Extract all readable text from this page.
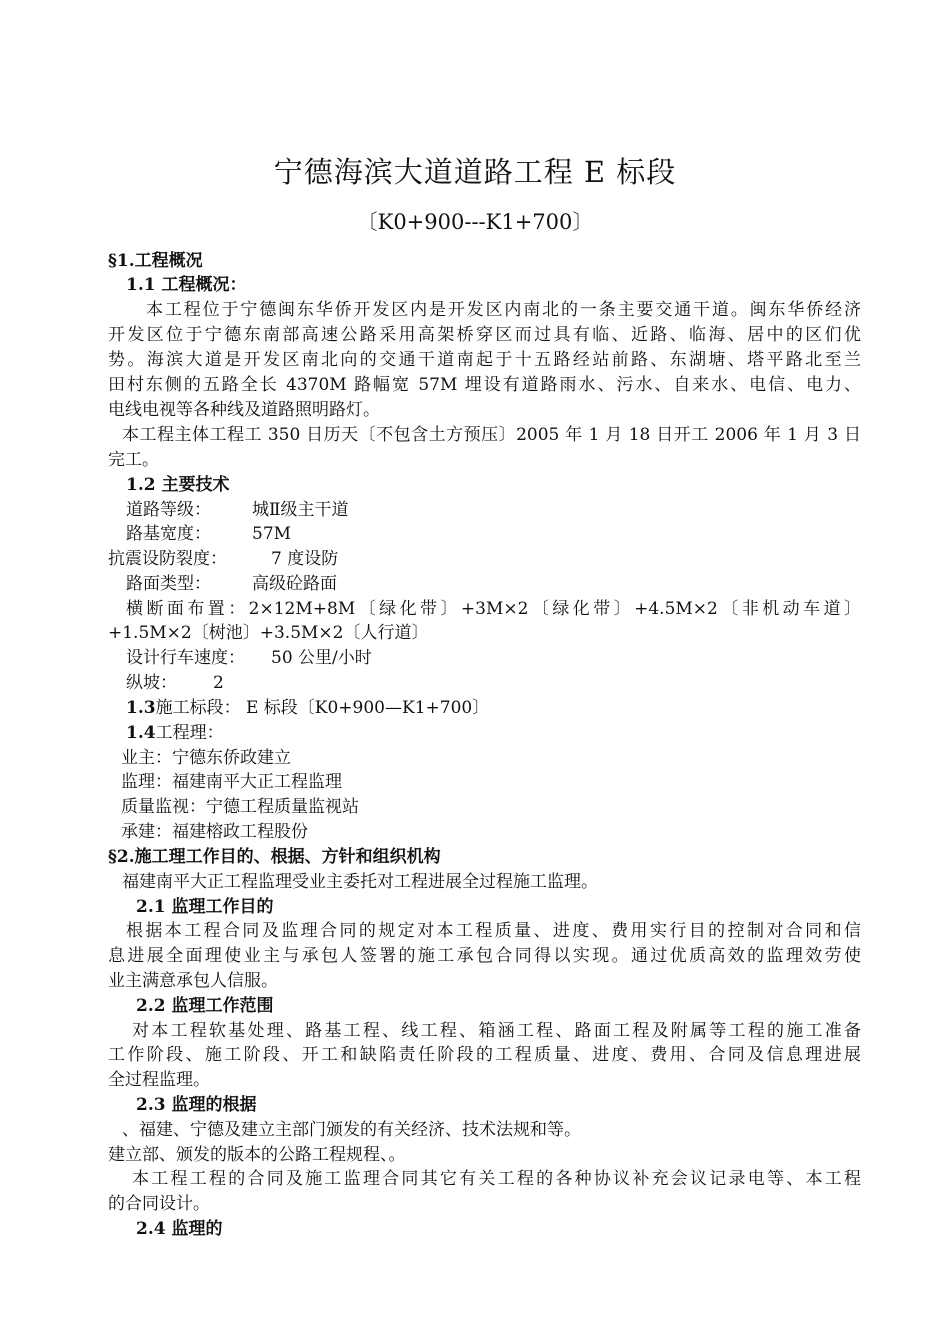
宁德海滨大道道路工程 E 标段
〔K0+900---K1+700〕
§1.工程概况
1.1 工程概况：
本工程位于宁德闽东华侨开发区内是开发区内南北的一条主要交通干道。闽东华侨经济
开发区位于宁德东南部高速公路采用高架桥穿区而过具有临、近路、临海、居中的区们优
势。海滨大道是开发区南北向的交通干道南起于十五路经站前路、东湖塘、塔平路北至兰
田村东侧的五路全长 4370M 路幅宽 57M 埋设有道路雨水、污水、自来水、电信、电力、
电线电视等各种线及道路照明路灯。
本工程主体工程工 350 日历天〔不包含土方预压〕2005 年 1 月 18 日开工 2006 年 1 月 3 日
完工。
1.2 主要技术
道路等级： 城Ⅱ级主干道
路基宽度： 57M
抗震设防裂度：	7 度设防
路面类型： 高级砼路面
横断面布置：2×12M+8M〔绿化带〕+3M×2〔绿化带〕+4.5M×2〔非机动车道〕
+1.5M×2〔树池〕+3.5M×2〔人行道〕
设计行车速度： 50 公里/小时
纵坡： 2
1.3施工标段： E 标段〔K0+900—K1+700〕
1.4工程理：
业主：宁德东侨政建立
监理：福建南平大正工程监理
质量监视：宁德工程质量监视站
承建：福建榕政工程股份
§2.施工理工作目的、根据、方针和组织机构
福建南平大正工程监理受业主委托对工程进展全过程施工监理。
2.1 监理工作目的
根据本工程合同及监理合同的规定对本工程质量、进度、费用实行目的控制对合同和信
息进展全面理使业主与承包人签署的施工承包合同得以实现。通过优质高效的监理效劳使
业主满意承包人信服。
2.2 监理工作范围
对本工程软基处理、路基工程、线工程、箱涵工程、路面工程及附属等工程的施工准备
工作阶段、施工阶段、开工和缺陷责任阶段的工程质量、进度、费用、合同及信息理进展
全过程监理。
2.3 监理的根据
、福建、宁德及建立主部门颁发的有关经济、技术法规和等。
建立部、颁发的版本的公路工程规程、。
本工程工程的合同及施工监理合同其它有关工程的各种协议补充会议记录电等、本工程
的合同设计。
2.4 监理的
